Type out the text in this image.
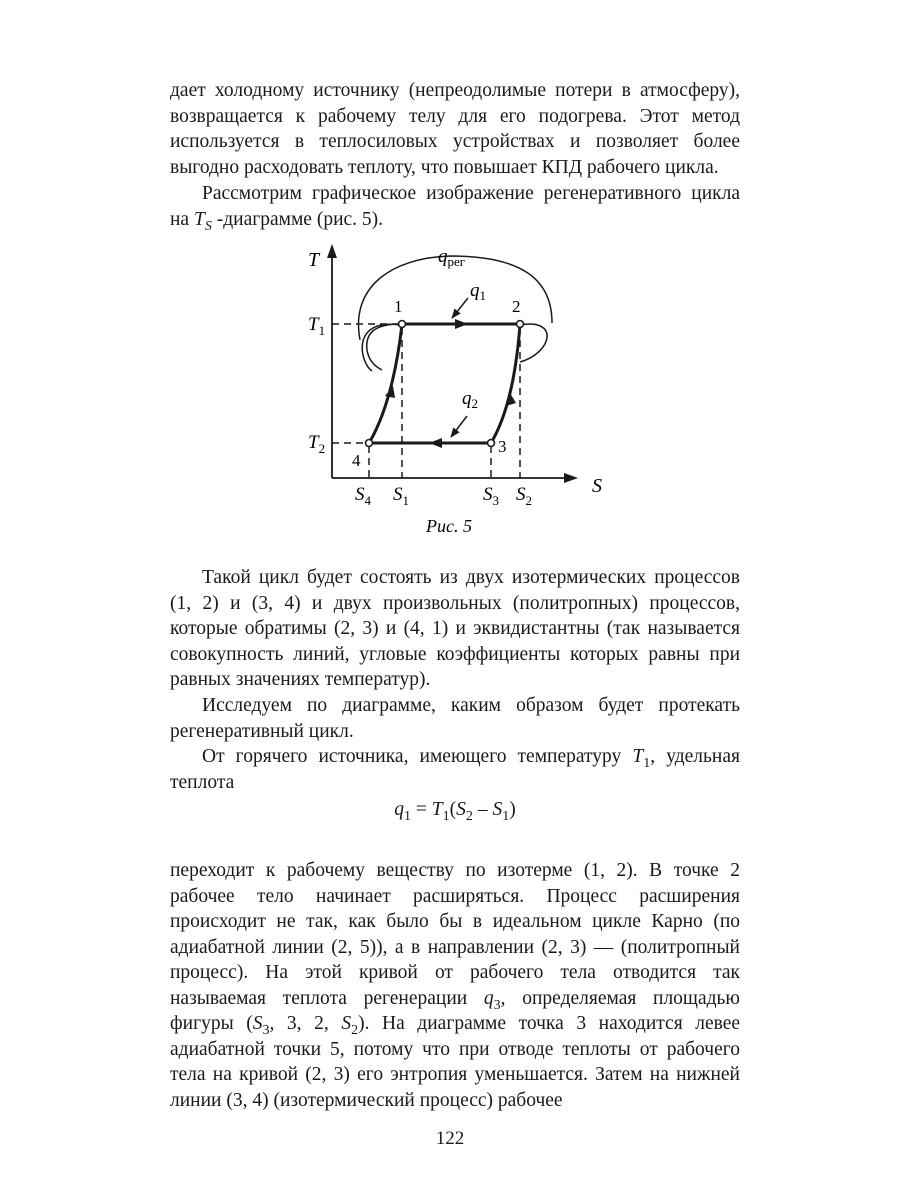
дает холодному источнику (непреодолимые потери в атмосферу), возвращается к рабочему телу для его подогрева. Этот метод используется в теплосиловых устройствах и позволяет более выгодно расходовать теплоту, что повышает КПД рабочего цикла.

Рассмотрим графическое изображение регенеративного цикла на $T_S$ -диаграмме (рис. 5).

T
S
$q_{рег}$
$q_1$
$q_2$
$T_1$
$T_2$
1	2
3
4
$S_4$ $S_1$	$S_3$ $S_2$
Рис. 5

Такой цикл будет состоять из двух изотермических процессов (1, 2) и (3, 4) и двух произвольных (политропных) процессов, которые обратимы (2, 3) и (4, 1) и эквидистантны (так называется совокупность линий, угловые коэффициенты которых равны при равных значениях температур).

Исследуем по диаграмме, каким образом будет протекать регенеративный цикл.

От горячего источника, имеющего температуру $T_1$, удельная теплота

$q_1 = T_1(S_2 - S_1)$

переходит к рабочему веществу по изотерме (1, 2). В точке 2 рабочее тело начинает расширяться. Процесс расширения происходит не так, как было бы в идеальном цикле Карно (по адиабатной линии (2, 5)), а в направлении (2, 3) — (политропный процесс). На этой кривой от рабочего тела отводится так называемая теплота регенерации $q_3$, определяемая площадью фигуры ($S_3$, 3, 2, $S_2$). На диаграмме точка 3 находится левее адиабатной точки 5, потому что при отводе теплоты от рабочего тела на кривой (2, 3) его энтропия уменьшается. Затем на нижней линии (3, 4) (изотермический процесс) рабочее

122
